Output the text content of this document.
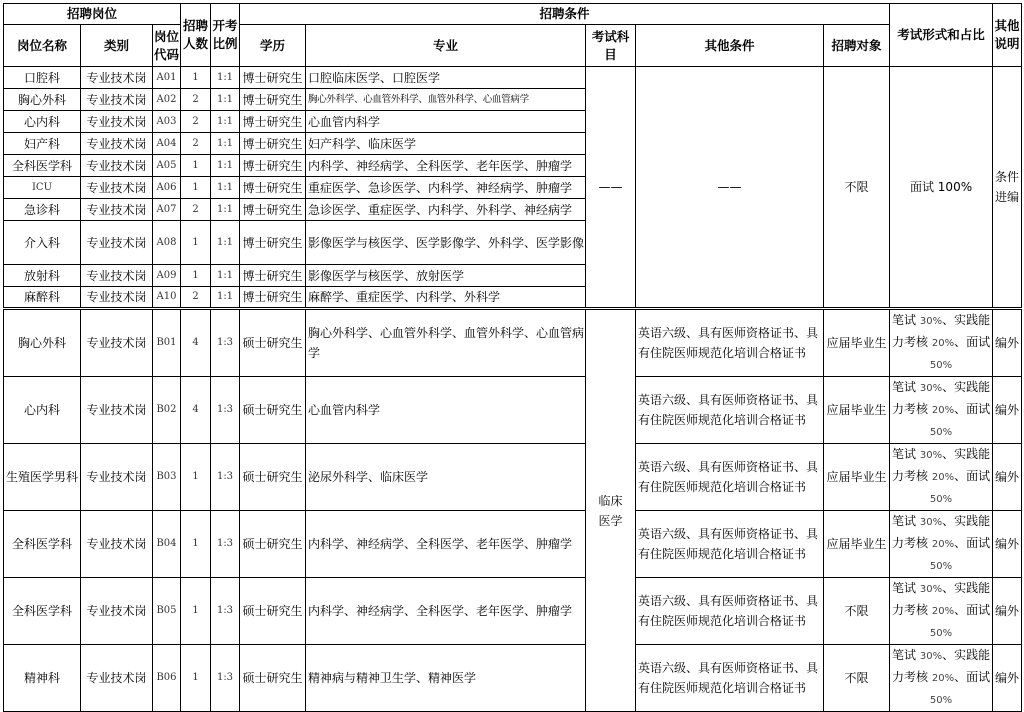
招聘岗位			招聘人数	开考比例	招聘条件					考试形式和占比	其他说明
岗位名称	类别	岗位代码			学历	专业	考试科目	其他条件	招聘对象		
口腔科	专业技术岗	A01	1	1:1	博士研究生	口腔临床医学、口腔医学	——	——	不限	面试 100%	条件进编
胸心外科	专业技术岗	A02	2	1:1	博士研究生	胸心外科学、心血管外科学、血管外科学、心血管病学					
心内科	专业技术岗	A03	2	1:1	博士研究生	心血管内科学					
妇产科	专业技术岗	A04	2	1:1	博士研究生	妇产科学、临床医学					
全科医学科	专业技术岗	A05	1	1:1	博士研究生	内科学、神经病学、全科医学、老年医学、肿瘤学					
ICU	专业技术岗	A06	1	1:1	博士研究生	重症医学、急诊医学、内科学、神经病学、肿瘤学					
急诊科	专业技术岗	A07	2	1:1	博士研究生	急诊医学、重症医学、内科学、外科学、神经病学					
介入科	专业技术岗	A08	1	1:1	博士研究生	影像医学与核医学、医学影像学、外科学、医学影像					
放射科	专业技术岗	A09	1	1:1	博士研究生	影像医学与核医学、放射医学					
麻醉科	专业技术岗	A10	2	1:1	博士研究生	麻醉学、重症医学、内科学、外科学					
胸心外科	专业技术岗	B01	4	1:3	硕士研究生	胸心外科学、心血管外科学、血管外科学、心血管病学	临床医学	英语六级、具有医师资格证书、具有住院医师规范化培训合格证书	应届毕业生	笔试 30%、实践能力考核 20%、面试 50%	编外
心内科	专业技术岗	B02	4	1:3	硕士研究生	心血管内科学		英语六级、具有医师资格证书、具有住院医师规范化培训合格证书	应届毕业生	笔试 30%、实践能力考核 20%、面试 50%	编外
生殖医学男科	专业技术岗	B03	1	1:3	硕士研究生	泌尿外科学、临床医学		英语六级、具有医师资格证书、具有住院医师规范化培训合格证书	应届毕业生	笔试 30%、实践能力考核 20%、面试 50%	编外
全科医学科	专业技术岗	B04	1	1:3	硕士研究生	内科学、神经病学、全科医学、老年医学、肿瘤学		英语六级、具有医师资格证书、具有住院医师规范化培训合格证书	应届毕业生	笔试 30%、实践能力考核 20%、面试 50%	编外
全科医学科	专业技术岗	B05	1	1:3	硕士研究生	内科学、神经病学、全科医学、老年医学、肿瘤学		英语六级、具有医师资格证书、具有住院医师规范化培训合格证书	不限	笔试 30%、实践能力考核 20%、面试 50%	编外
精神科	专业技术岗	B06	1	1:3	硕士研究生	精神病与精神卫生学、精神医学		英语六级、具有医师资格证书、具有住院医师规范化培训合格证书	不限	笔试 30%、实践能力考核 20%、面试 50%	编外
